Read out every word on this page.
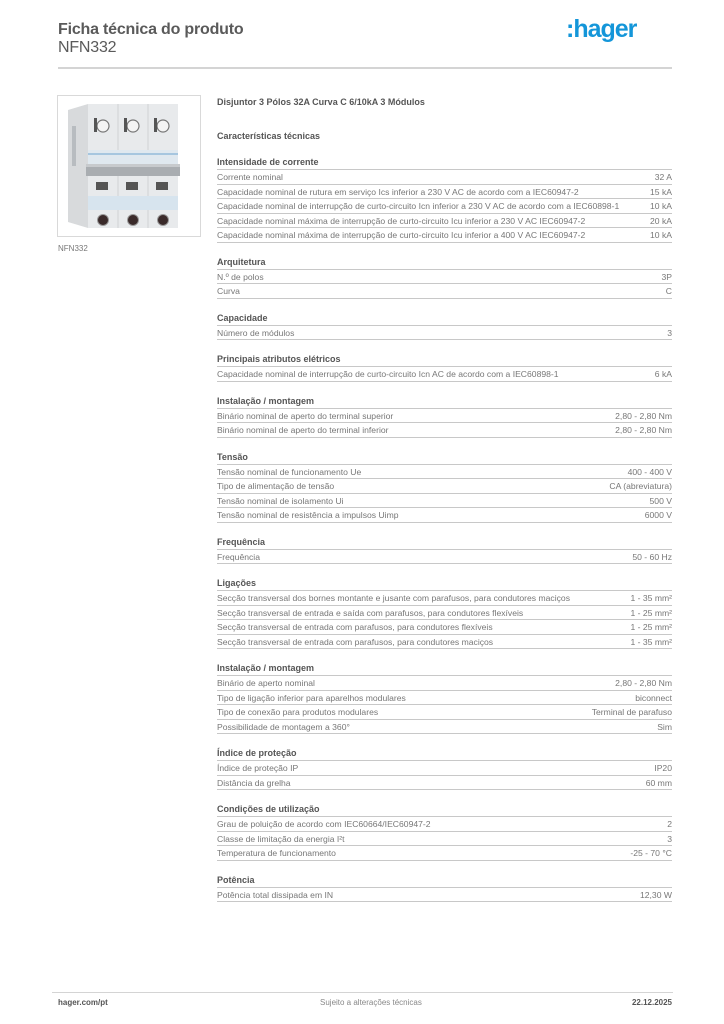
Ficha técnica do produto
NFN332
:hager
NFN332
Disjuntor 3 Pólos 32A Curva C 6/10kA 3 Módulos
Características técnicas
Intensidade de corrente
Corrente nominal	32 A
Capacidade nominal de rutura em serviço Ics inferior a 230 V AC de acordo com a IEC60947-2	15 kA
Capacidade nominal de interrupção de curto-circuito Icn inferior a 230 V AC de acordo com a IEC60898-1	10 kA
Capacidade nominal máxima de interrupção de curto-circuito Icu inferior a 230 V AC IEC60947-2	20 kA
Capacidade nominal máxima de interrupção de curto-circuito Icu inferior a 400 V AC IEC60947-2	10 kA
Arquitetura
N.º de polos	3P
Curva	C
Capacidade
Número de módulos	3
Principais atributos elétricos
Capacidade nominal de interrupção de curto-circuito Icn AC de acordo com a IEC60898-1	6 kA
Instalação / montagem
Binário nominal de aperto do terminal superior	2,80 - 2,80 Nm
Binário nominal de aperto do terminal inferior	2,80 - 2,80 Nm
Tensão
Tensão nominal de funcionamento Ue	400 - 400 V
Tipo de alimentação de tensão	CA (abreviatura)
Tensão nominal de isolamento Ui	500 V
Tensão nominal de resistência a impulsos Uimp	6000 V
Frequência
Frequência	50 - 60 Hz
Ligações
Secção transversal dos bornes montante e jusante com parafusos, para condutores maciços	1 - 35 mm²
Secção transversal de entrada e saída com parafusos, para condutores flexíveis	1 - 25 mm²
Secção transversal de entrada com parafusos, para condutores flexíveis	1 - 25 mm²
Secção transversal de entrada com parafusos, para condutores maciços	1 - 35 mm²
Instalação / montagem
Binário de aperto nominal	2,80 - 2,80 Nm
Tipo de ligação inferior para aparelhos modulares	biconnect
Tipo de conexão para produtos modulares	Terminal de parafuso
Possibilidade de montagem a 360°	Sim
Índice de proteção
Índice de proteção IP	IP20
Distância da grelha	60 mm
Condições de utilização
Grau de poluição de acordo com IEC60664/IEC60947-2	2
Classe de limitação da energia I²t	3
Temperatura de funcionamento	-25 - 70 °C
Potência
Potência total dissipada em IN	12,30 W
hager.com/pt	Sujeito a alterações técnicas	22.12.2025
